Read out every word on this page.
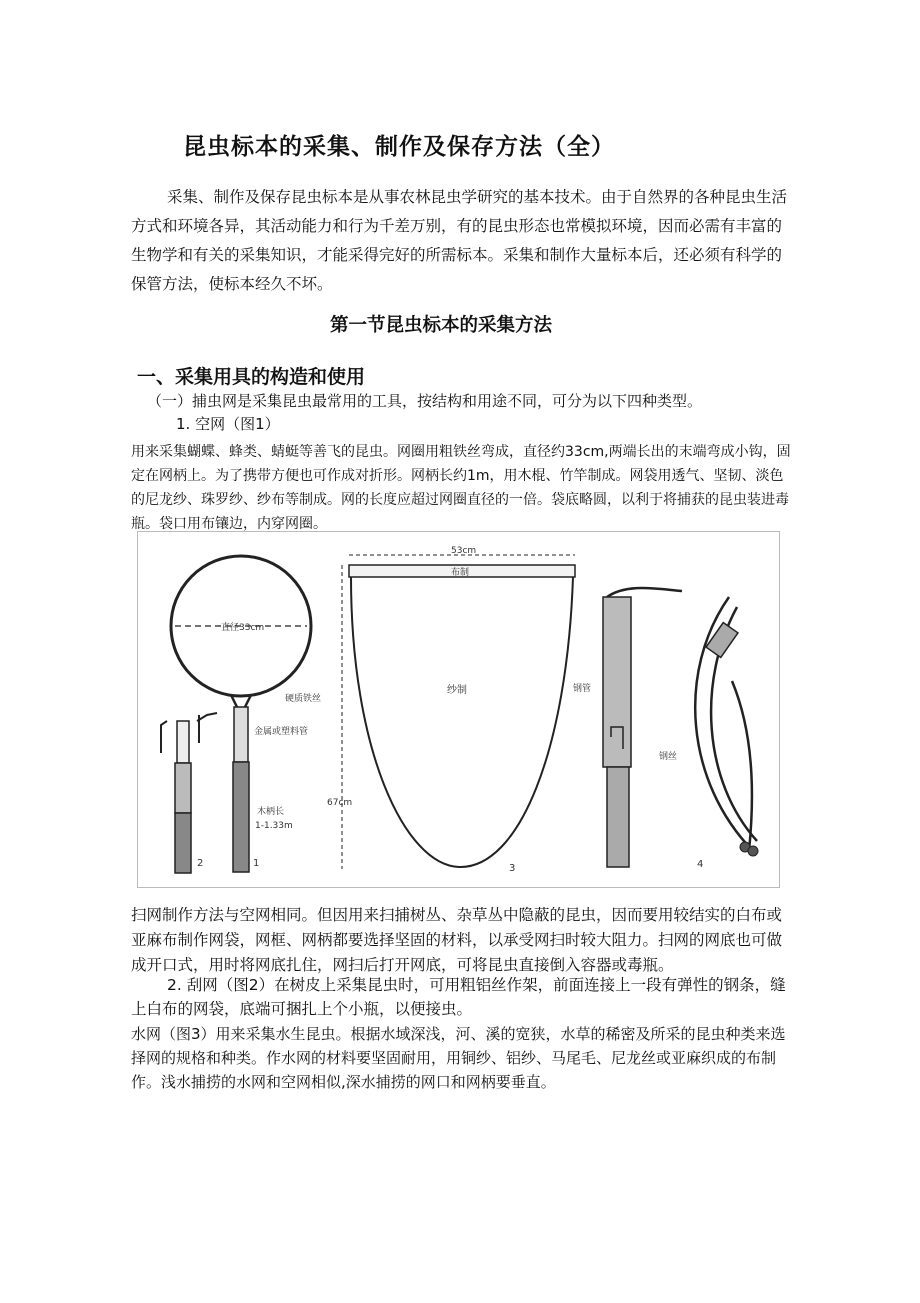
昆虫标本的采集、制作及保存方法（全）

采集、制作及保存昆虫标本是从事农林昆虫学研究的基本技术。由于自然界的各种昆虫生活方式和环境各异，其活动能力和行为千差万别，有的昆虫形态也常模拟环境，因而必需有丰富的生物学和有关的采集知识，才能采得完好的所需标本。采集和制作大量标本后，还必须有科学的保管方法，使标本经久不坏。

第一节昆虫标本的采集方法
一、采集用具的构造和使用

（一）捕虫网是采集昆虫最常用的工具，按结构和用途不同，可分为以下四种类型。

1. 空网（图1）

用来采集蝴蝶、蜂类、蜻蜓等善飞的昆虫。网圈用粗铁丝弯成，直径约33cm,两端长出的末端弯成小钩，固定在网柄上。为了携带方便也可作成对折形。网柄长约1m，用木棍、竹竿制成。网袋用透气、坚韧、淡色的尼龙纱、珠罗纱、纱布等制成。网的长度应超过网圈直径的一倍。袋底略圆，以利于将捕获的昆虫装进毒瓶。袋口用布镶边，内穿网圈。

直径33cm
硬质铁丝
金属或塑料管
木柄长
1-1.33m
1
2
53cm
布制
纱制
67cm
3
钢管
钢丝
4

扫网制作方法与空网相同。但因用来扫捕树丛、杂草丛中隐蔽的昆虫，因而要用较结实的白布或亚麻布制作网袋，网框、网柄都要选择坚固的材料，以承受网扫时较大阻力。扫网的网底也可做成开口式，用时将网底扎住，网扫后打开网底，可将昆虫直接倒入容器或毒瓶。

2. 刮网（图2）在树皮上采集昆虫时，可用粗铝丝作架，前面连接上一段有弹性的钢条，缝上白布的网袋，底端可捆扎上个小瓶，以便接虫。

水网（图3）用来采集水生昆虫。根据水域深浅，河、溪的宽狭，水草的稀密及所采的昆虫种类来选择网的规格和种类。作水网的材料要坚固耐用，用铜纱、铝纱、马尾毛、尼龙丝或亚麻织成的布制作。浅水捕捞的水网和空网相似,深水捕捞的网口和网柄要垂直。
